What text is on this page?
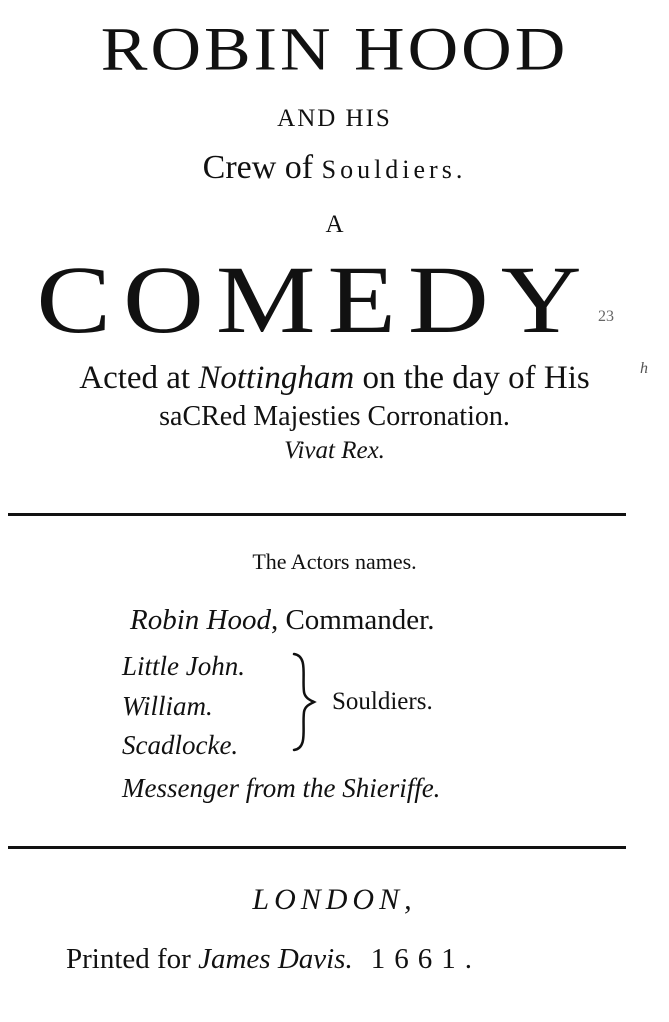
ROBIN HOOD
AND HIS
Crew of Souldiers.
A
COMEDY 23
Acted at Nottingham on the day of His	h
saCRed Majesties Corronation.
Vivat Rex.
The Actors names.
Robin Hood, Commander.
Little John.
William.
Scadlocke.
Souldiers.
Messenger from the Shieriffe.
LONDON,
Printed for James Davis. 1661.
